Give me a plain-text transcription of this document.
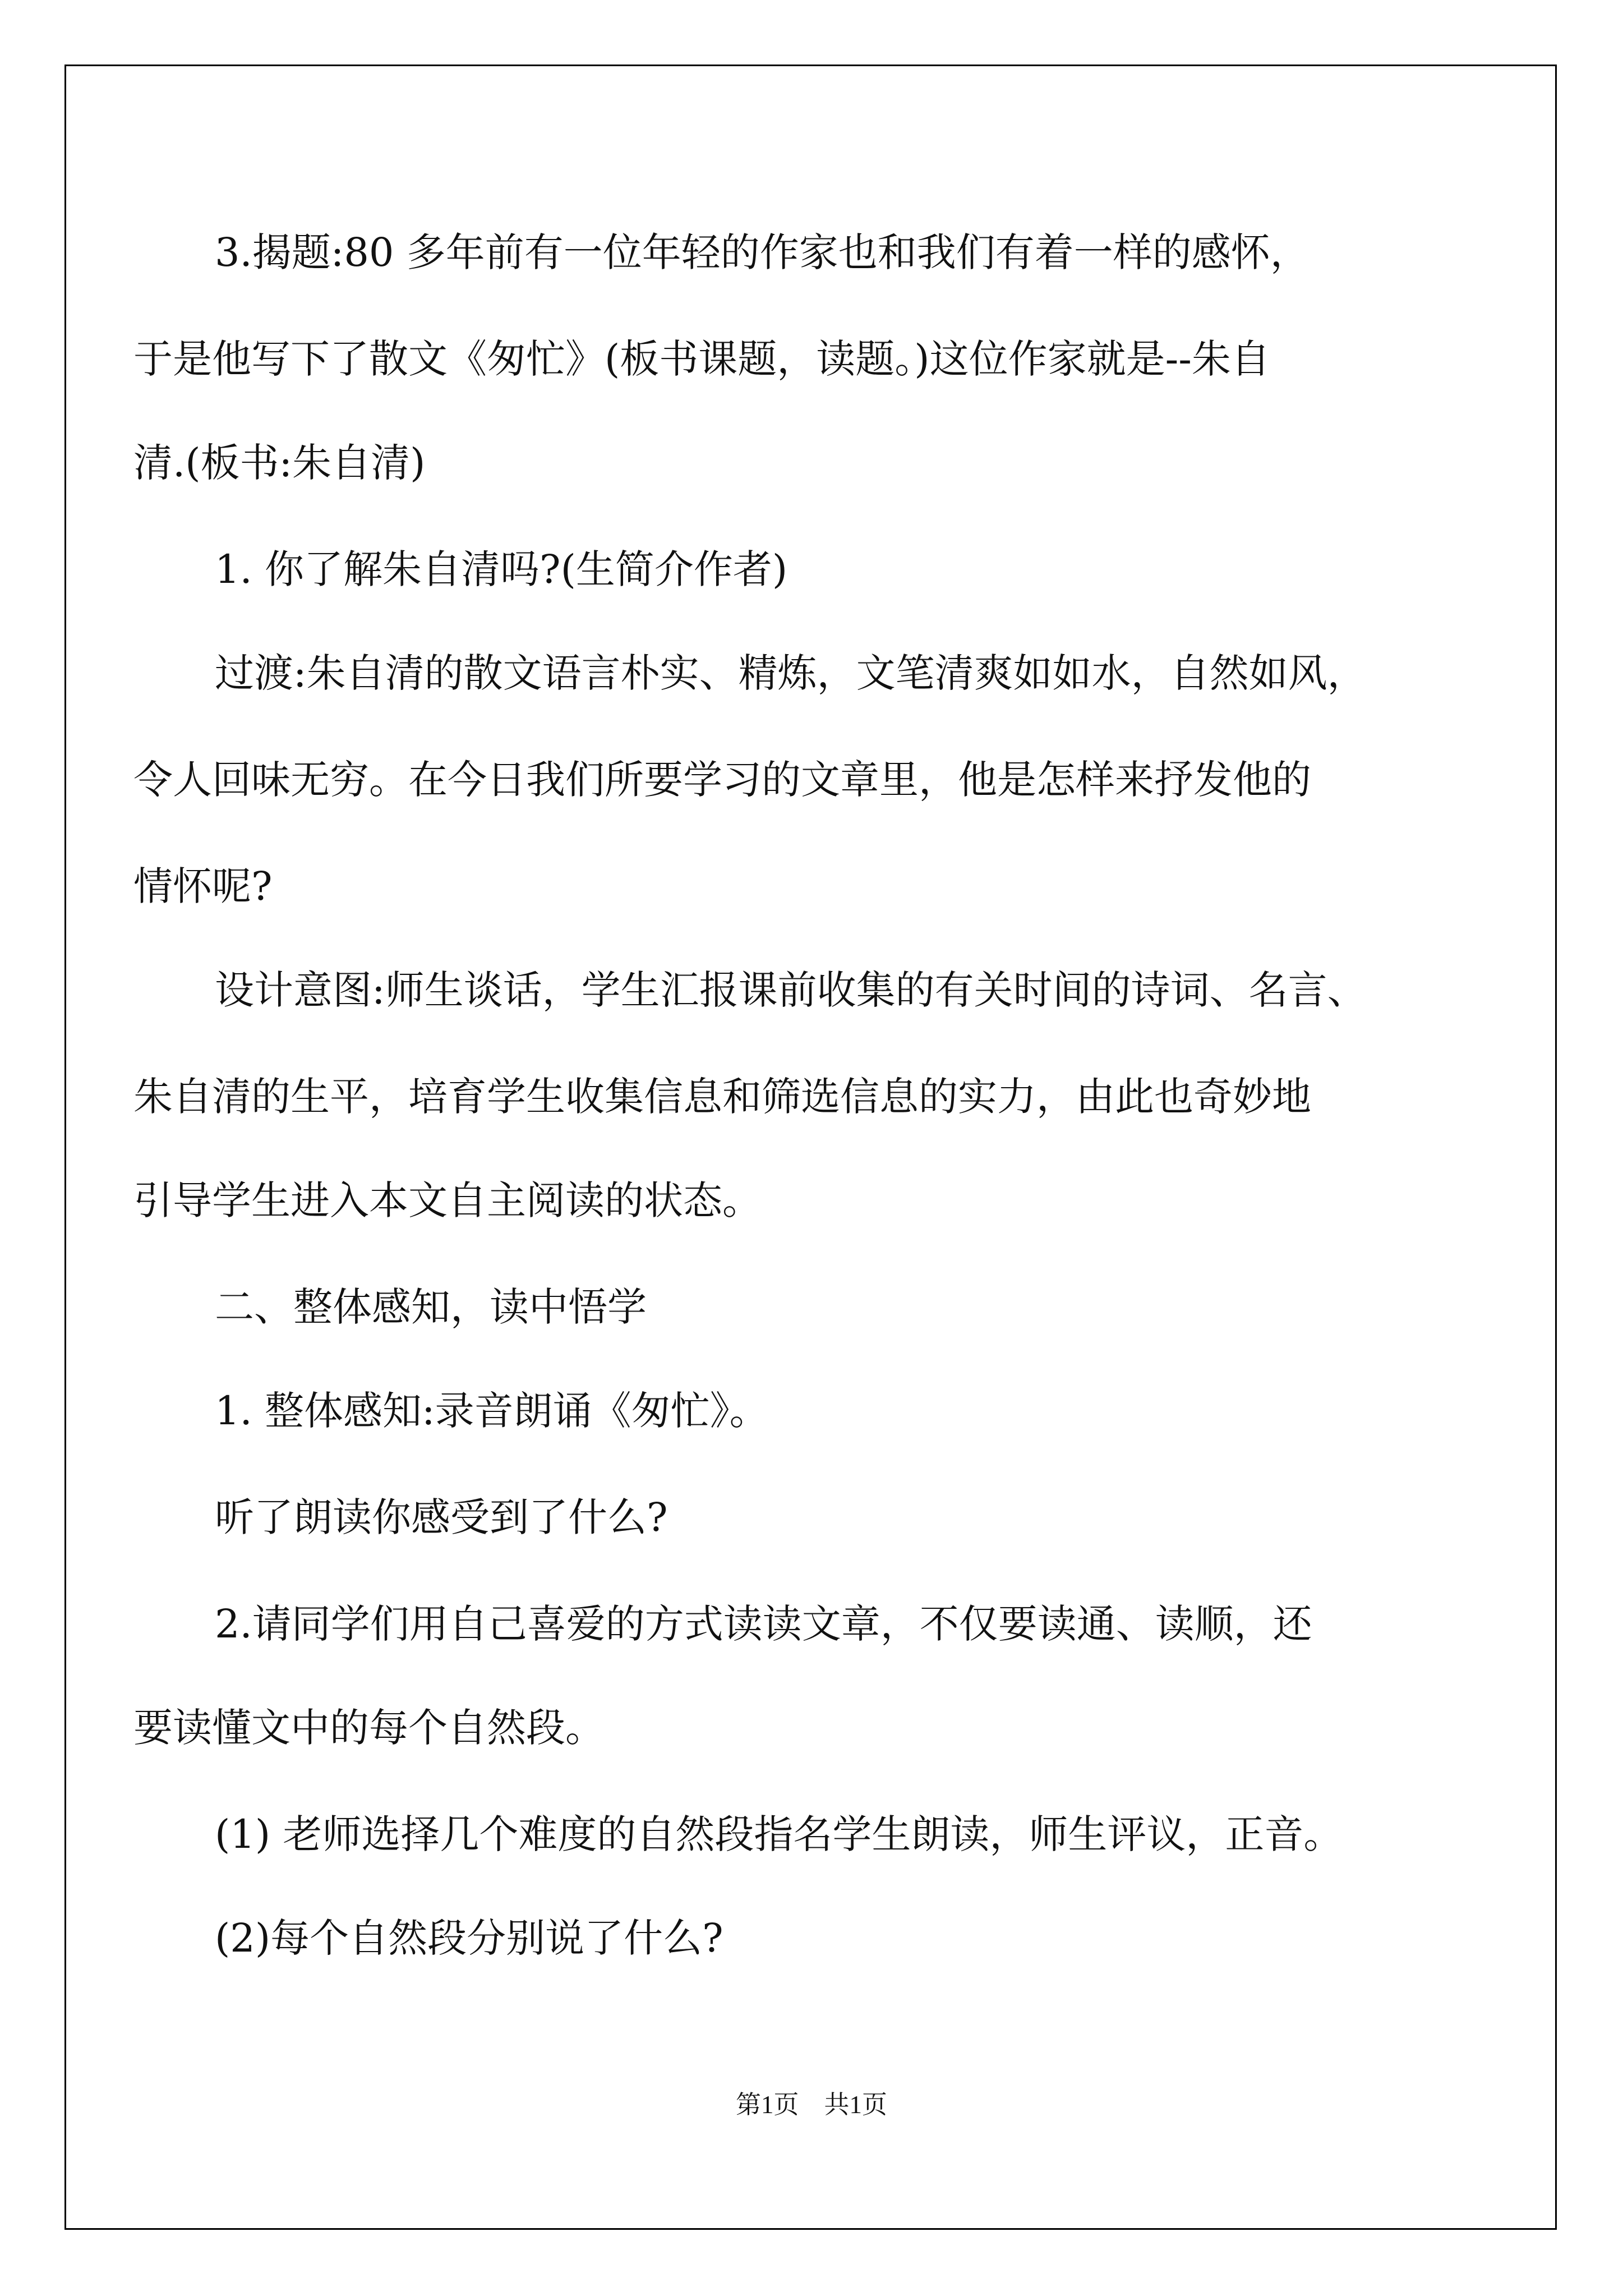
3.揭题:80 多年前有一位年轻的作家也和我们有着一样的感怀，
于是他写下了散文《匆忙》(板书课题，读题。)这位作家就是--朱自
清.(板书:朱自清)
1. 你了解朱自清吗?(生简介作者)
过渡:朱自清的散文语言朴实、精炼，文笔清爽如如水，自然如风，
令人回味无穷。在今日我们所要学习的文章里，他是怎样来抒发他的
情怀呢?
设计意图:师生谈话，学生汇报课前收集的有关时间的诗词、名言、
朱自清的生平，培育学生收集信息和筛选信息的实力，由此也奇妙地
引导学生进入本文自主阅读的状态。
二、整体感知，读中悟学
1. 整体感知:录音朗诵《匆忙》。
听了朗读你感受到了什么?
2.请同学们用自己喜爱的方式读读文章，不仅要读通、读顺，还
要读懂文中的每个自然段。
(1) 老师选择几个难度的自然段指名学生朗读，师生评议，正音。
(2)每个自然段分别说了什么?
第1页　共1页
